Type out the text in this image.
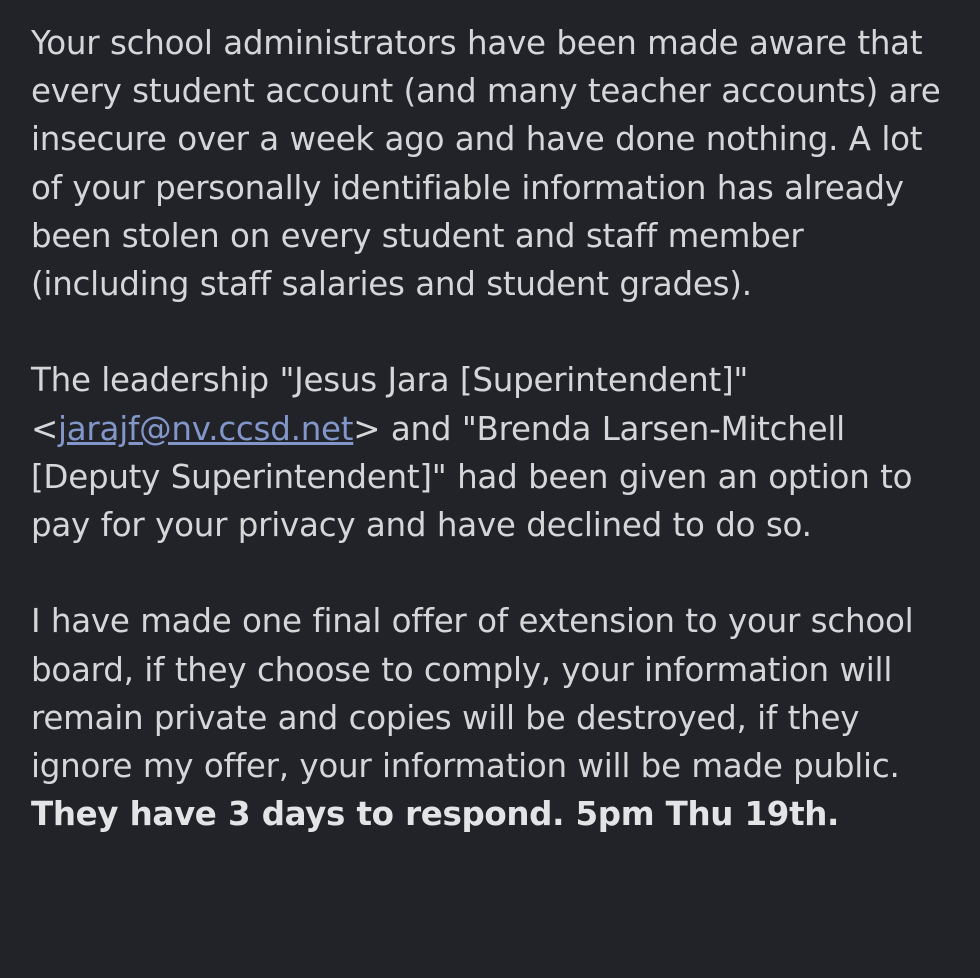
Your school administrators have been made aware that every student account (and many teacher accounts) are insecure over a week ago and have done nothing. A lot of your personally identifiable information has already been stolen on every student and staff member (including staff salaries and student grades).

The leadership "Jesus Jara [Superintendent]" <jarajf@nv.ccsd.net> and "Brenda Larsen-Mitchell [Deputy Superintendent]" had been given an option to pay for your privacy and have declined to do so.

I have made one final offer of extension to your school board, if they choose to comply, your information will remain private and copies will be destroyed, if they ignore my offer, your information will be made public. They have 3 days to respond. 5pm Thu 19th.
